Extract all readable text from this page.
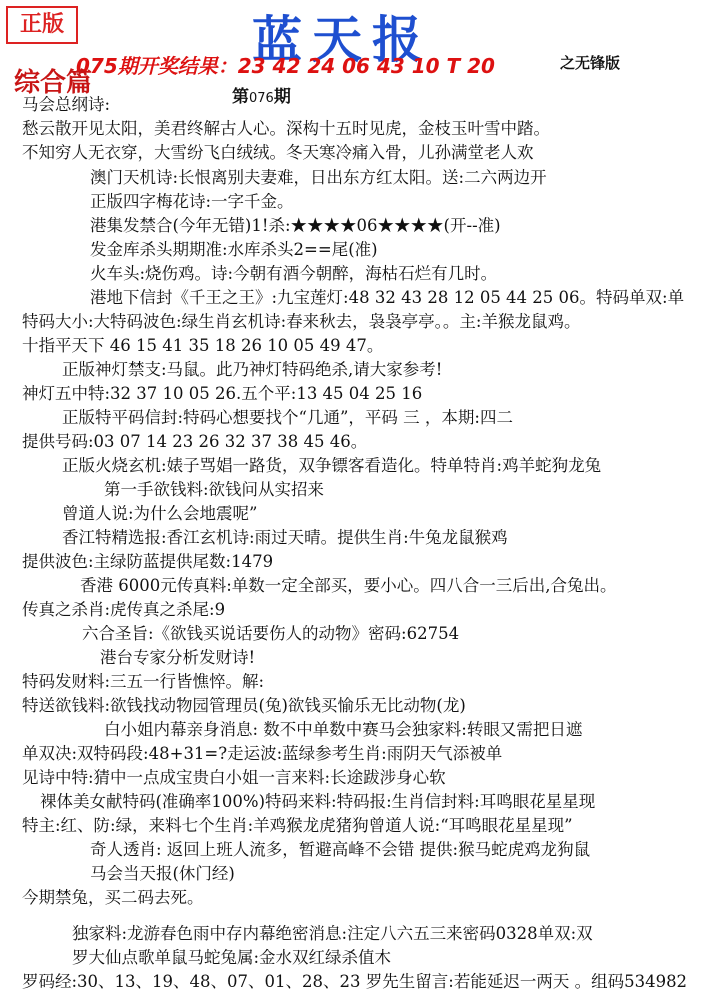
正版	蓝天报
075期开奖结果：23 42 24 06 43 10 T 20	之无锋版
综合篇	第076期
马会总纲诗:
愁云散开见太阳，美君终解古人心。深构十五时见虎，金枝玉叶雪中踏。
不知穷人无衣穿，大雪纷飞白绒绒。冬天寒冷痛入骨，儿孙满堂老人欢
澳门天机诗:长恨离别夫妻难，日出东方红太阳。送:二六两边开
正版四字梅花诗:一字千金。
港集发禁合(今年无错)1!杀:★★★★06★★★★(开--准)
发金库杀头期期准:水库杀头2==尾(准)
火车头:烧伤鸡。诗:今朝有酒今朝醉，海枯石烂有几时。
港地下信封《千王之王》:九宝莲灯:48 32 43 28 12 05 44 25 06。特码单双:单
特码大小:大特码波色:绿生肖玄机诗:春来秋去，袅袅亭亭。。主:羊猴龙鼠鸡。
十指平天下 46 15 41 35 18 26 10 05 49 47。
正版神灯禁支:马鼠。此乃神灯特码绝杀,请大家参考!
神灯五中特:32 37 10 05 26.五个平:13 45 04 25 16
正版特平码信封:特码心想要找个“几通”，平码 三 ，本期:四二
提供号码:03 07 14 23 26 32 37 38 45 46。
正版火烧玄机:婊子骂娼一路货，双争镖客看造化。特单特肖:鸡羊蛇狗龙兔
第一手欲钱料:欲钱问从实招来
曾道人说:为什么会地震呢”
香江特精选报:香江玄机诗:雨过天晴。提供生肖:牛兔龙鼠猴鸡
提供波色:主绿防蓝提供尾数:1479
香港 6000元传真料:单数一定全部买，要小心。四八合一三后出,合兔出。
传真之杀肖:虎传真之杀尾:9
六合圣旨:《欲钱买说话要伤人的动物》密码:62754
港台专家分析发财诗!
特码发财料:三五一行皆憔悴。解:
特送欲钱料:欲钱找动物园管理员(兔)欲钱买愉乐无比动物(龙)
白小姐内幕亲身消息: 数不中单数中赛马会独家料:转眼又需把日遮
单双决:双特码段:48+31=?走运波:蓝绿参考生肖:雨阴天气添被单
见诗中特:猜中一点成宝贵白小姐一言来料:长途跋涉身心软
裸体美女献特码(准确率100%)特码来料:特码报:生肖信封料:耳鸣眼花星星现
特主:红、防:绿，来料七个生肖:羊鸡猴龙虎猪狗曾道人说:“耳鸣眼花星星现”
奇人透肖: 返回上班人流多，暂避高峰不会错 提供:猴马蛇虎鸡龙狗鼠
马会当天报(休门经)
今期禁兔，买二码去死。
独家料:龙游春色雨中存内幕绝密消息:注定八六五三来密码0328单双:双
罗大仙点歌单鼠马蛇兔属:金水双红绿杀值木
罗码经:30、13、19、48、07、01、28、23 罗先生留言:若能延迟一两天 。组码534982
